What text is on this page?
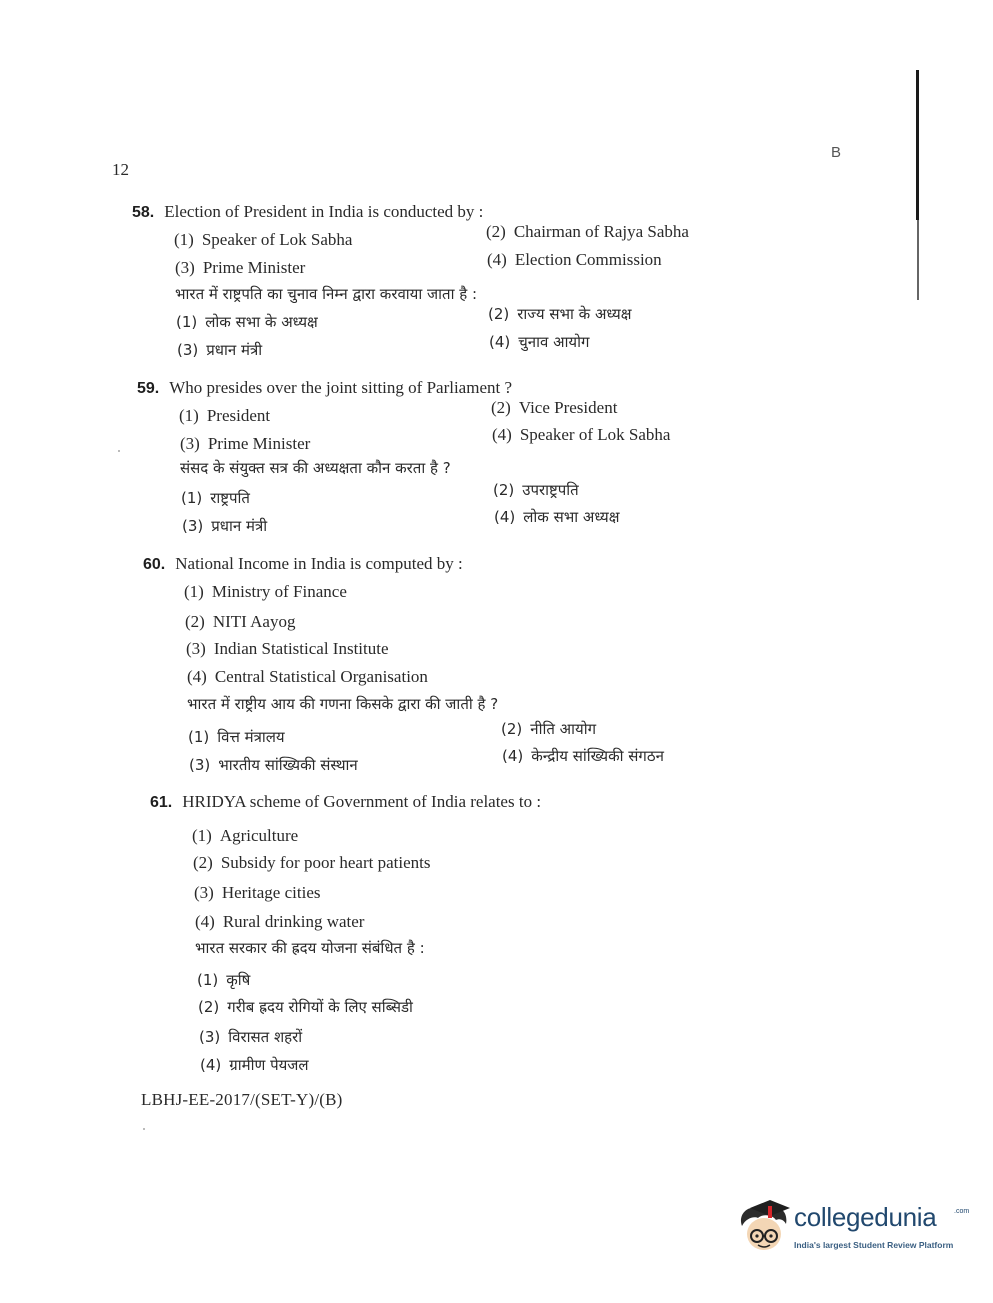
12
B
58. Election of President in India is conducted by :
(1) Speaker of Lok Sabha	(2) Chairman of Rajya Sabha
(3) Prime Minister	(4) Election Commission
भारत में राष्ट्रपति का चुनाव निम्न द्वारा करवाया जाता है :
(1) लोक सभा के अध्यक्ष	(2) राज्य सभा के अध्यक्ष
(3) प्रधान मंत्री	(4) चुनाव आयोग
59. Who presides over the joint sitting of Parliament ?
(1) President	(2) Vice President
(3) Prime Minister	(4) Speaker of Lok Sabha
संसद के संयुक्त सत्र की अध्यक्षता कौन करता है ?
(1) राष्ट्रपति	(2) उपराष्ट्रपति
(3) प्रधान मंत्री	(4) लोक सभा अध्यक्ष
60. National Income in India is computed by :
(1) Ministry of Finance
(2) NITI Aayog
(3) Indian Statistical Institute
(4) Central Statistical Organisation
भारत में राष्ट्रीय आय की गणना किसके द्वारा की जाती है ?
(1) वित्त मंत्रालय	(2) नीति आयोग
(3) भारतीय सांख्यिकी संस्थान	(4) केन्द्रीय सांख्यिकी संगठन
61. HRIDYA scheme of Government of India relates to :
(1) Agriculture
(2) Subsidy for poor heart patients
(3) Heritage cities
(4) Rural drinking water
भारत सरकार की ह्रदय योजना संबंधित है :
(1) कृषि
(2) गरीब ह्रदय रोगियों के लिए सब्सिडी
(3) विरासत शहरों
(4) ग्रामीण पेयजल
LBHJ-EE-2017/(SET-Y)/(B)
collegedunia	.com
India's largest Student Review Platform
